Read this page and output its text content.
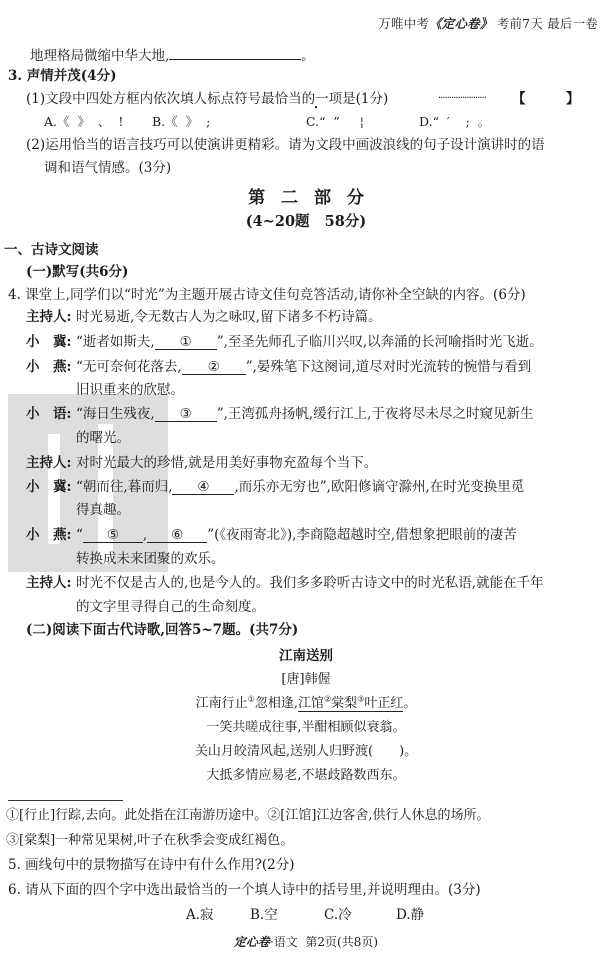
万唯中考《定心卷》 考前7天 最后一卷
地理格局微缩中华大地,	。
3. 声情并茂(4分)
(1)文段中四处方框内依次填人标点符号最 •恰 •当 •的一项是(1分)	······················ 【	】
A.《  》  、  ! B.《  》  ;	C.“  ”     ¦	D.“  ′    ;  。
(2)运用恰当的语言技巧可以使演讲更精彩。请为文段中画波浪线的句子设计演讲时的语
调和语气情感。(3分)
第 二 部 分
(4~20题   58分)
一、古诗文阅读
(一)默写(共6分)
4. 课堂上,同学们以“时光”为主题开展古诗文佳句竞答活动,请你补全空缺的内容。(6分)
主持人: 时光易逝,令无数古人为之咏叹,留下诸多不朽诗篇。
小　冀: “逝者如斯夫, ① ”,至圣先师孔子临川兴叹,以奔涌的长河喻指时光飞逝。
小　燕: “无可奈何花落去, ② ”,晏殊笔下这阕词,道尽对时光流转的惋惜与看到
旧识重来的欣慰。
小　语: “海日生残夜, ③ ”,王湾孤舟扬帆,缓行江上,于夜将尽未尽之时窥见新生
的曙光。
主持人: 对时光最大的珍惜,就是用美好事物充盈每个当下。
小　冀: “朝而往,暮而归, ④ ,而乐亦无穷也”,欧阳修谪守滁州,在时光变换里觅
得真趣。
小　燕: “ ⑤ , ⑥ ”(《夜雨寄北》),李商隐超越时空,借想象把眼前的凄苦
转换成未来团聚的欢乐。
主持人: 时光不仅是古人的,也是今人的。我们多多聆听古诗文中的时光私语,就能在千年
的文字里寻得自己的生命刻度。
(二)阅读下面古代诗歌,回答5~7题。(共7分)
江南送别
[唐]韩偓
江南行止①忽相逢,江馆②棠梨③叶正红。
一笑共嗟成往事,半酣相顾似衰翁。
关山月皎清风起,送别人归野渡(　　)。
大抵多情应易老,不堪歧路数西东。
①[行止]行踪,去向。此处指在江南游历途中。②[江馆]江边客舍,供行人休息的场所。
③[棠梨]一种常见果树,叶子在秋季会变成红褐色。
5. 画线句中的景物描写在诗中有什么作用?(2分)
6. 请从下面的四个字中选出最恰当的一个填人诗中的括号里,并说明理由。(3分)
A.寂	B.空	C.冷	D.静
定心卷·语文 第2页(共8页)
